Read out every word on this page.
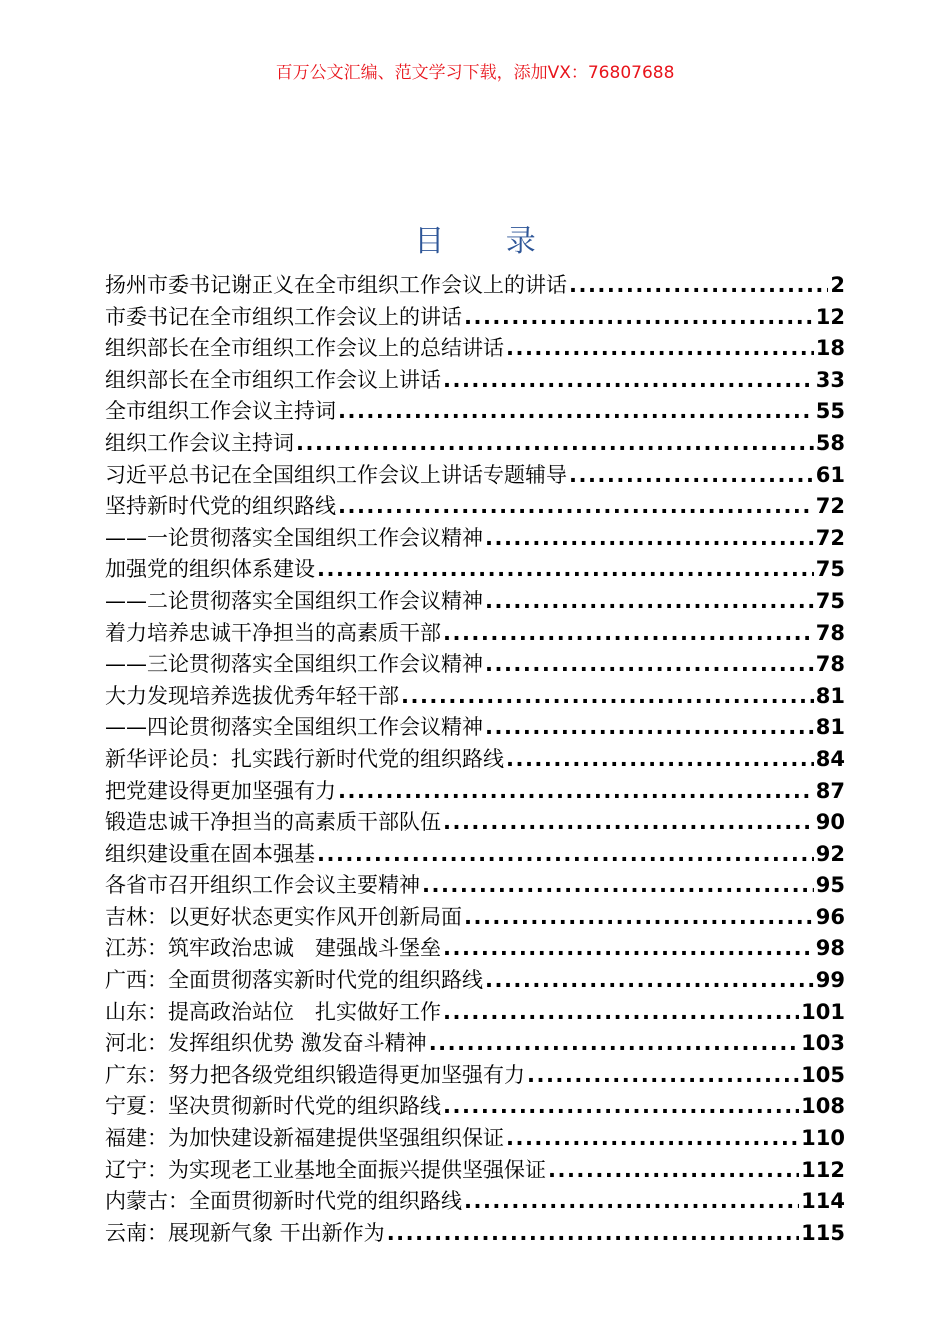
百万公文汇编、范文学习下载，添加VX：76807688
目 录
扬州市委书记谢正义在全市组织工作会议上的讲话 .....	2
市委书记在全市组织工作会议上的讲话 .....	12
组织部长在全市组织工作会议上的总结讲话 .....	18
组织部长在全市组织工作会议上讲话 .....	33
全市组织工作会议主持词 .....	55
组织工作会议主持词 .....	58
习近平总书记在全国组织工作会议上讲话专题辅导 .....	61
坚持新时代党的组织路线 .....	72
——一论贯彻落实全国组织工作会议精神 .....	72
加强党的组织体系建设 .....	75
——二论贯彻落实全国组织工作会议精神 .....	75
着力培养忠诚干净担当的高素质干部 .....	78
——三论贯彻落实全国组织工作会议精神 .....	78
大力发现培养选拔优秀年轻干部 .....	81
——四论贯彻落实全国组织工作会议精神 .....	81
新华评论员：扎实践行新时代党的组织路线 .....	84
把党建设得更加坚强有力 .....	87
锻造忠诚干净担当的高素质干部队伍 .....	90
组织建设重在固本强基 .....	92
各省市召开组织工作会议主要精神 .....	95
吉林：以更好状态更实作风开创新局面 .....	96
江苏：筑牢政治忠诚　建强战斗堡垒 .....	98
广西：全面贯彻落实新时代党的组织路线 .....	99
山东：提高政治站位　扎实做好工作 .....	101
河北：发挥组织优势 激发奋斗精神 .....	103
广东：努力把各级党组织锻造得更加坚强有力 .....	105
宁夏：坚决贯彻新时代党的组织路线 .....	108
福建：为加快建设新福建提供坚强组织保证 .....	110
辽宁：为实现老工业基地全面振兴提供坚强保证 .....	112
内蒙古：全面贯彻新时代党的组织路线 .....	114
云南：展现新气象 干出新作为 .....	115
